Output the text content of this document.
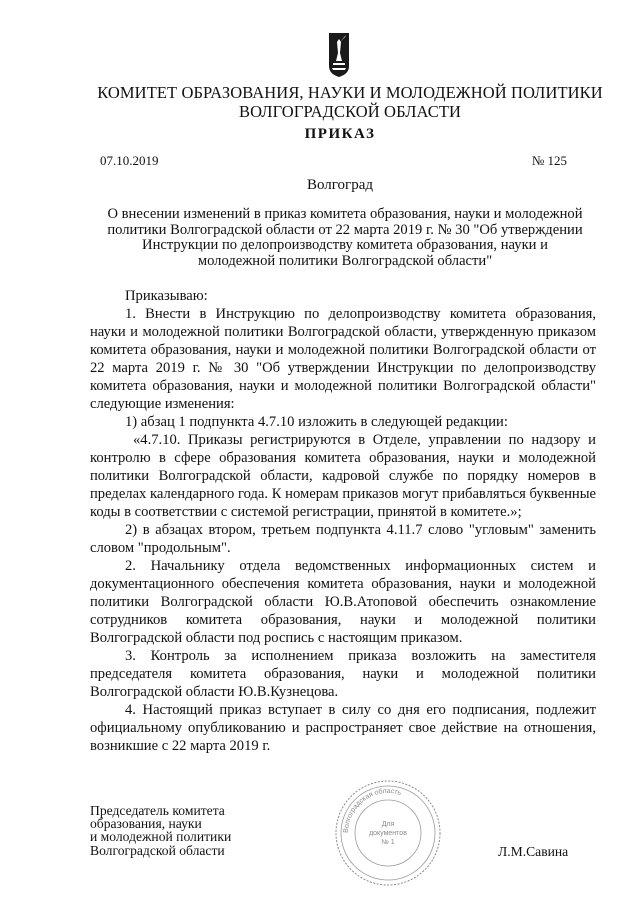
КОМИТЕТ ОБРАЗОВАНИЯ, НАУКИ И МОЛОДЕЖНОЙ ПОЛИТИКИ
ВОЛГОГРАДСКОЙ ОБЛАСТИ
ПРИКАЗ
07.10.2019	№ 125
Волгоград
О внесении изменений в приказ комитета образования, науки и молодежной
политики Волгоградской области от 22 марта 2019 г. № 30 "Об утверждении
Инструкции по делопроизводству комитета образования, науки и
молодежной политики Волгоградской области"

Приказываю:

1. Внести в Инструкцию по делопроизводству комитета образования, науки и молодежной политики Волгоградской области, утвержденную приказом комитета образования, науки и молодежной политики Волгоградской области от 22 марта 2019 г. № 30 "Об утверждении Инструкции по делопроизводству комитета образования, науки и молодежной политики Волгоградской области" следующие изменения:

1) абзац 1 подпункта 4.7.10 изложить в следующей редакции:

«4.7.10. Приказы регистрируются в Отделе, управлении по надзору и контролю в сфере образования комитета образования, науки и молодежной политики Волгоградской области, кадровой службе по порядку номеров в пределах календарного года. К номерам приказов могут прибавляться буквенные коды в соответствии с системой регистрации, принятой в комитете.»;

2) в абзацах втором, третьем подпункта 4.11.7 слово "угловым" заменить словом "продольным".

2. Начальнику отдела ведомственных информационных систем и документационного обеспечения комитета образования, науки и молодежной политики Волгоградской области Ю.В.Атоповой обеспечить ознакомление сотрудников комитета образования, науки и молодежной политики Волгоградской области под роспись с настоящим приказом.

3. Контроль за исполнением приказа возложить на заместителя председателя комитета образования, науки и молодежной политики Волгоградской области Ю.В.Кузнецова.

4. Настоящий приказ вступает в силу со дня его подписания, подлежит официальному опубликованию и распространяет свое действие на отношения, возникшие с 22 марта 2019 г.

Председатель комитета
образования, науки
и молодежной политики
Волгоградской области
Волгоградская область
Для
документов
№ 1
Л.М.Савина
